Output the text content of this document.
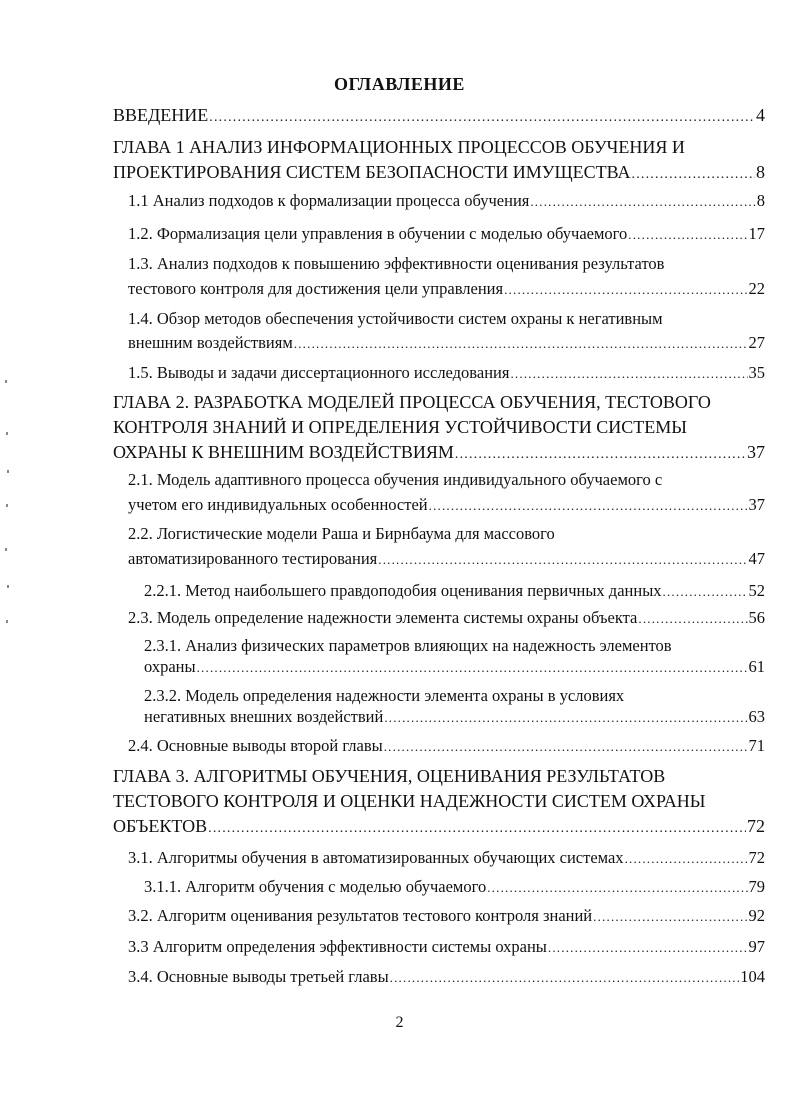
ОГЛАВЛЕНИЕ
ВВЕДЕНИЕ .....	4
ГЛАВА 1 АНАЛИЗ ИНФОРМАЦИОННЫХ ПРОЦЕССОВ ОБУЧЕНИЯ И
ПРОЕКТИРОВАНИЯ СИСТЕМ БЕЗОПАСНОСТИ ИМУЩЕСТВА .....	8
1.1 Анализ подходов к формализации процесса обучения .....	8
1.2. Формализация цели управления в обучении с моделью обучаемого .....	17
1.3. Анализ подходов к повышению эффективности оценивания результатов
тестового контроля для достижения цели управления .....	22
1.4. Обзор методов обеспечения устойчивости систем охраны к негативным
внешним воздействиям .....	27
1.5. Выводы и задачи диссертационного исследования .....	35
ГЛАВА 2. РАЗРАБОТКА МОДЕЛЕЙ ПРОЦЕССА ОБУЧЕНИЯ, ТЕСТОВОГО
КОНТРОЛЯ ЗНАНИЙ И ОПРЕДЕЛЕНИЯ УСТОЙЧИВОСТИ СИСТЕМЫ
ОХРАНЫ К ВНЕШНИМ ВОЗДЕЙСТВИЯМ .....	37
2.1. Модель адаптивного процесса обучения индивидуального обучаемого с
учетом его индивидуальных особенностей .....	37
2.2. Логистические модели Раша и Бирнбаума для массового
автоматизированного тестирования .....	47
2.2.1. Метод наибольшего правдоподобия оценивания первичных данных .....	52
2.3. Модель определение надежности элемента системы охраны объекта .....	56
2.3.1. Анализ физических параметров влияющих на надежность элементов
охраны .....	61
2.3.2. Модель определения надежности элемента охраны в условиях
негативных внешних воздействий .....	63
2.4. Основные выводы второй главы .....	71
ГЛАВА 3. АЛГОРИТМЫ ОБУЧЕНИЯ, ОЦЕНИВАНИЯ РЕЗУЛЬТАТОВ
ТЕСТОВОГО КОНТРОЛЯ И ОЦЕНКИ НАДЕЖНОСТИ СИСТЕМ ОХРАНЫ
ОБЪЕКТОВ .....	72
3.1. Алгоритмы обучения в автоматизированных обучающих системах .....	72
3.1.1. Алгоритм обучения с моделью обучаемого .....	79
3.2. Алгоритм оценивания результатов тестового контроля знаний .....	92
3.3 Алгоритм определения эффективности системы охраны .....	97
3.4. Основные выводы третьей главы .....	104
2
